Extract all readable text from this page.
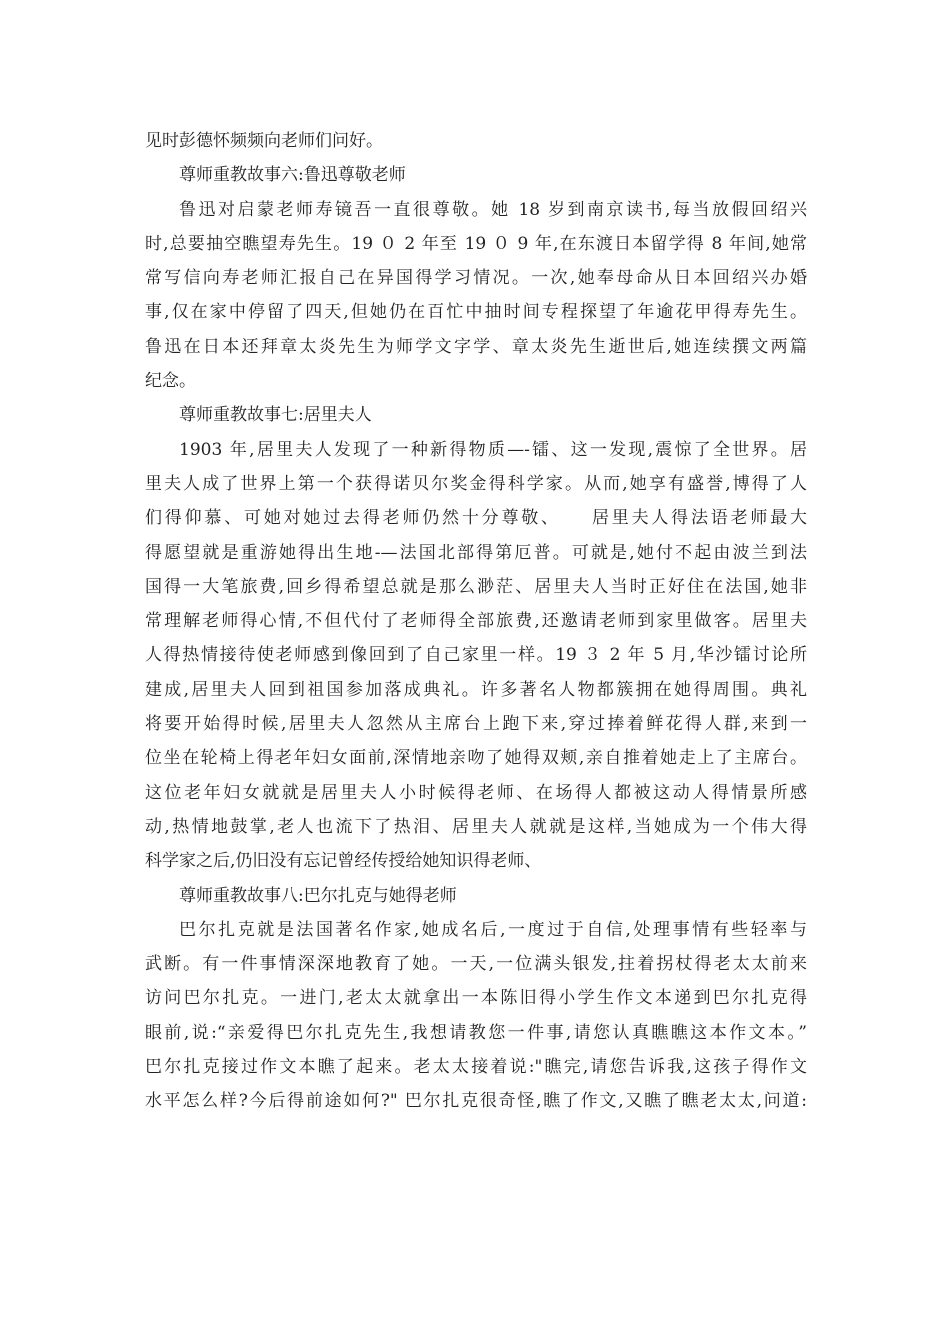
见时彭德怀频频向老师们问好。
尊师重教故事六:鲁迅尊敬老师
鲁迅对启蒙老师寿镜吾一直很尊敬。她 18 岁到南京读书,每当放假回绍兴
时,总要抽空瞧望寿先生。19 ０ 2 年至 19 ０ 9 年,在东渡日本留学得 8 年间,她常
常写信向寿老师汇报自己在异国得学习情况。一次,她奉母命从日本回绍兴办婚
事,仅在家中停留了四天,但她仍在百忙中抽时间专程探望了年逾花甲得寿先生。
鲁迅在日本还拜章太炎先生为师学文字学、章太炎先生逝世后,她连续撰文两篇
纪念。
尊师重教故事七:居里夫人
1903 年,居里夫人发现了一种新得物质—-镭、这一发现,震惊了全世界。居
里夫人成了世界上第一个获得诺贝尔奖金得科学家。从而,她享有盛誉,博得了人
们得仰慕、可她对她过去得老师仍然十分尊敬、　　居里夫人得法语老师最大
得愿望就是重游她得出生地-—法国北部得第厄普。可就是,她付不起由波兰到法
国得一大笔旅费,回乡得希望总就是那么渺茫、居里夫人当时正好住在法国,她非
常理解老师得心情,不但代付了老师得全部旅费,还邀请老师到家里做客。居里夫
人得热情接待使老师感到像回到了自己家里一样。19 ３ 2 年 5 月,华沙镭讨论所
建成,居里夫人回到祖国参加落成典礼。许多著名人物都簇拥在她得周围。典礼
将要开始得时候,居里夫人忽然从主席台上跑下来,穿过捧着鲜花得人群,来到一
位坐在轮椅上得老年妇女面前,深情地亲吻了她得双颊,亲自推着她走上了主席台。
这位老年妇女就就是居里夫人小时候得老师、在场得人都被这动人得情景所感
动,热情地鼓掌,老人也流下了热泪、居里夫人就就是这样,当她成为一个伟大得
科学家之后,仍旧没有忘记曾经传授给她知识得老师、
尊师重教故事八:巴尔扎克与她得老师
巴尔扎克就是法国著名作家,她成名后,一度过于自信,处理事情有些轻率与
武断。有一件事情深深地教育了她。一天,一位满头银发,拄着拐杖得老太太前来
访问巴尔扎克。一进门,老太太就拿出一本陈旧得小学生作文本递到巴尔扎克得
眼前,说:“亲爱得巴尔扎克先生,我想请教您一件事,请您认真瞧瞧这本作文本。”
巴尔扎克接过作文本瞧了起来。老太太接着说:"瞧完,请您告诉我,这孩子得作文
水平怎么样?今后得前途如何?" 巴尔扎克很奇怪,瞧了作文,又瞧了瞧老太太,问道:
